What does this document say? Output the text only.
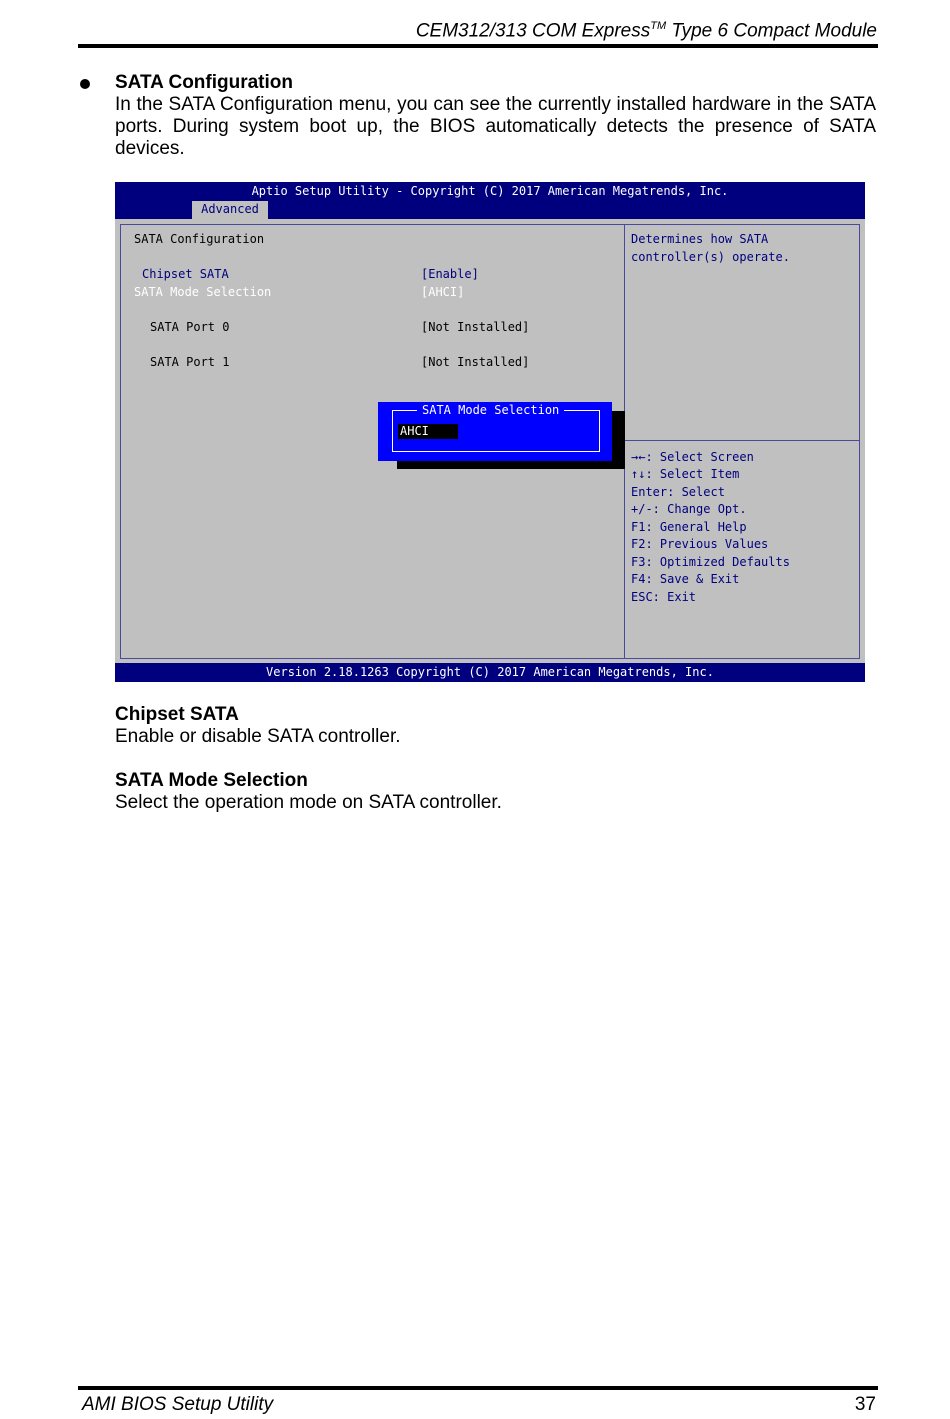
CEM312/313 COM Express™ Type 6 Compact Module
SATA Configuration

In the SATA Configuration menu, you can see the currently installed hardware in the SATA ports. During system boot up, the BIOS automatically detects the presence of SATA devices.

Aptio Setup Utility - Copyright (C) 2017 American Megatrends, Inc.
Advanced
SATA Configuration
Chipset SATA	[Enable]
SATA Mode Selection	[AHCI]
SATA Port 0	[Not Installed]
SATA Port 1	[Not Installed]
Determines how SATA
controller(s) operate.
→←: Select Screen
↑↓: Select Item
Enter: Select
+/-: Change Opt.
F1: General Help
F2: Previous Values
F3: Optimized Defaults
F4: Save & Exit
ESC: Exit
SATA Mode Selection
AHCI
Version 2.18.1263 Copyright (C) 2017 American Megatrends, Inc.
Chipset SATA
Enable or disable SATA controller.
SATA Mode Selection
Select the operation mode on SATA controller.
AMI BIOS Setup Utility	37
